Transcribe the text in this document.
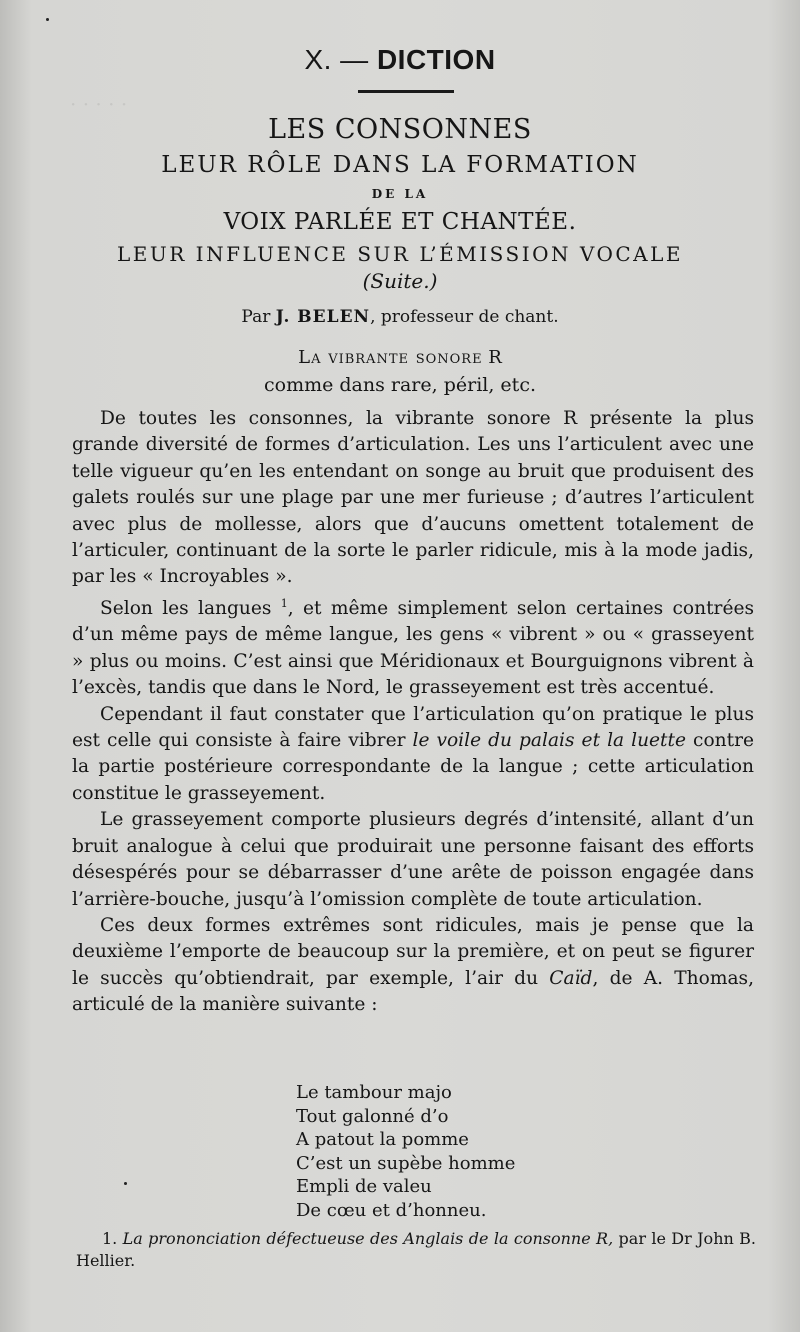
· · · · ·
X. — DICTION
LES CONSONNES
LEUR RÔLE DANS LA FORMATION
DE LA
VOIX PARLÉE ET CHANTÉE.
LEUR INFLUENCE SUR L’ÉMISSION VOCALE
(Suite.)
Par J. BELEN, professeur de chant.
La vibrante sonore R
comme dans rare, péril, etc.

De toutes les consonnes, la vibrante sonore R présente la plus grande diversité de formes d’articulation. Les uns l’articulent avec une telle vigueur qu’en les entendant on songe au bruit que produisent des galets roulés sur une plage par une mer furieuse ; d’autres l’articulent avec plus de mollesse, alors que d’aucuns omettent totalement de l’articuler, continuant de la sorte le parler ridicule, mis à la mode jadis, par les « Incroyables ».

Selon les langues $^1$, et même simplement selon certaines contrées d’un même pays de même langue, les gens « vibrent » ou « grasseyent » plus ou moins. C’est ainsi que Méridionaux et Bourguignons vibrent à l’excès, tandis que dans le Nord, le grasseyement est très accentué.

Cependant il faut constater que l’articulation qu’on pratique le plus est celle qui consiste à faire vibrer le voile du palais et la luette contre la partie postérieure correspondante de la langue ; cette articulation constitue le grasseyement.

Le grasseyement comporte plusieurs degrés d’intensité, allant d’un bruit analogue à celui que produirait une personne faisant des efforts désespérés pour se débarrasser d’une arête de poisson engagée dans l’arrière-bouche, jusqu’à l’omission complète de toute articulation.

Ces deux formes extrêmes sont ridicules, mais je pense que la deuxième l’emporte de beaucoup sur la première, et on peut se figurer le succès qu’obtiendrait, par exemple, l’air du Caïd, de A. Thomas, articulé de la manière suivante :

Le tambour majo
Tout galonné d’o
A patout la pomme
C’est un supèbe homme
Empli de valeu
De cœu et d’honneu.
1. La prononciation défectueuse des Anglais de la consonne R, par le Dr John B. Hellier.
